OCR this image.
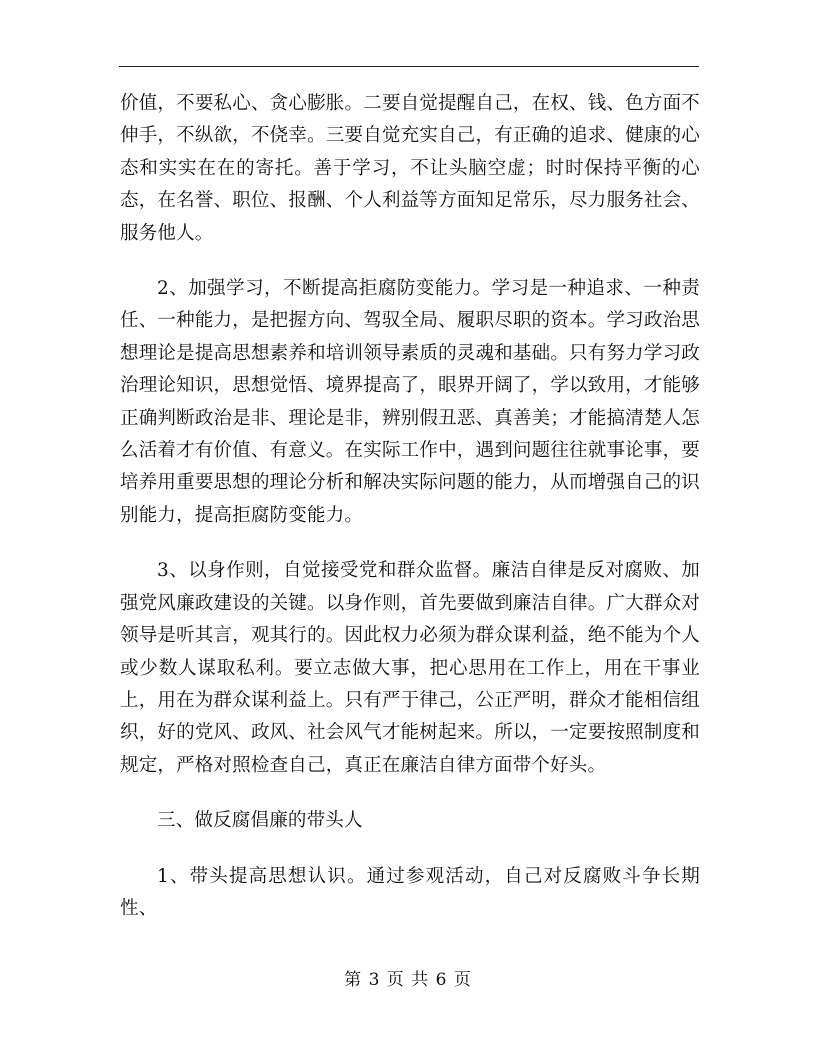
价值，不要私心、贪心膨胀。二要自觉提醒自己，在权、钱、色方面不伸手，不纵欲，不侥幸。三要自觉充实自己，有正确的追求、健康的心态和实实在在的寄托。善于学习，不让头脑空虚；时时保持平衡的心态，在名誉、职位、报酬、个人利益等方面知足常乐，尽力服务社会、服务他人。

2、加强学习，不断提高拒腐防变能力。学习是一种追求、一种责任、一种能力，是把握方向、驾驭全局、履职尽职的资本。学习政治思想理论是提高思想素养和培训领导素质的灵魂和基础。只有努力学习政治理论知识，思想觉悟、境界提高了，眼界开阔了，学以致用，才能够正确判断政治是非、理论是非，辨别假丑恶、真善美；才能搞清楚人怎么活着才有价值、有意义。在实际工作中，遇到问题往往就事论事，要培养用重要思想的理论分析和解决实际问题的能力，从而增强自己的识别能力，提高拒腐防变能力。

3、以身作则，自觉接受党和群众监督。廉洁自律是反对腐败、加强党风廉政建设的关键。以身作则，首先要做到廉洁自律。广大群众对领导是听其言，观其行的。因此权力必须为群众谋利益，绝不能为个人或少数人谋取私利。要立志做大事，把心思用在工作上，用在干事业上，用在为群众谋利益上。只有严于律己，公正严明，群众才能相信组织，好的党风、政风、社会风气才能树起来。所以，一定要按照制度和规定，严格对照检查自己，真正在廉洁自律方面带个好头。

三、做反腐倡廉的带头人

1、带头提高思想认识。通过参观活动，自己对反腐败斗争长期性、

第 3 页 共 6 页
